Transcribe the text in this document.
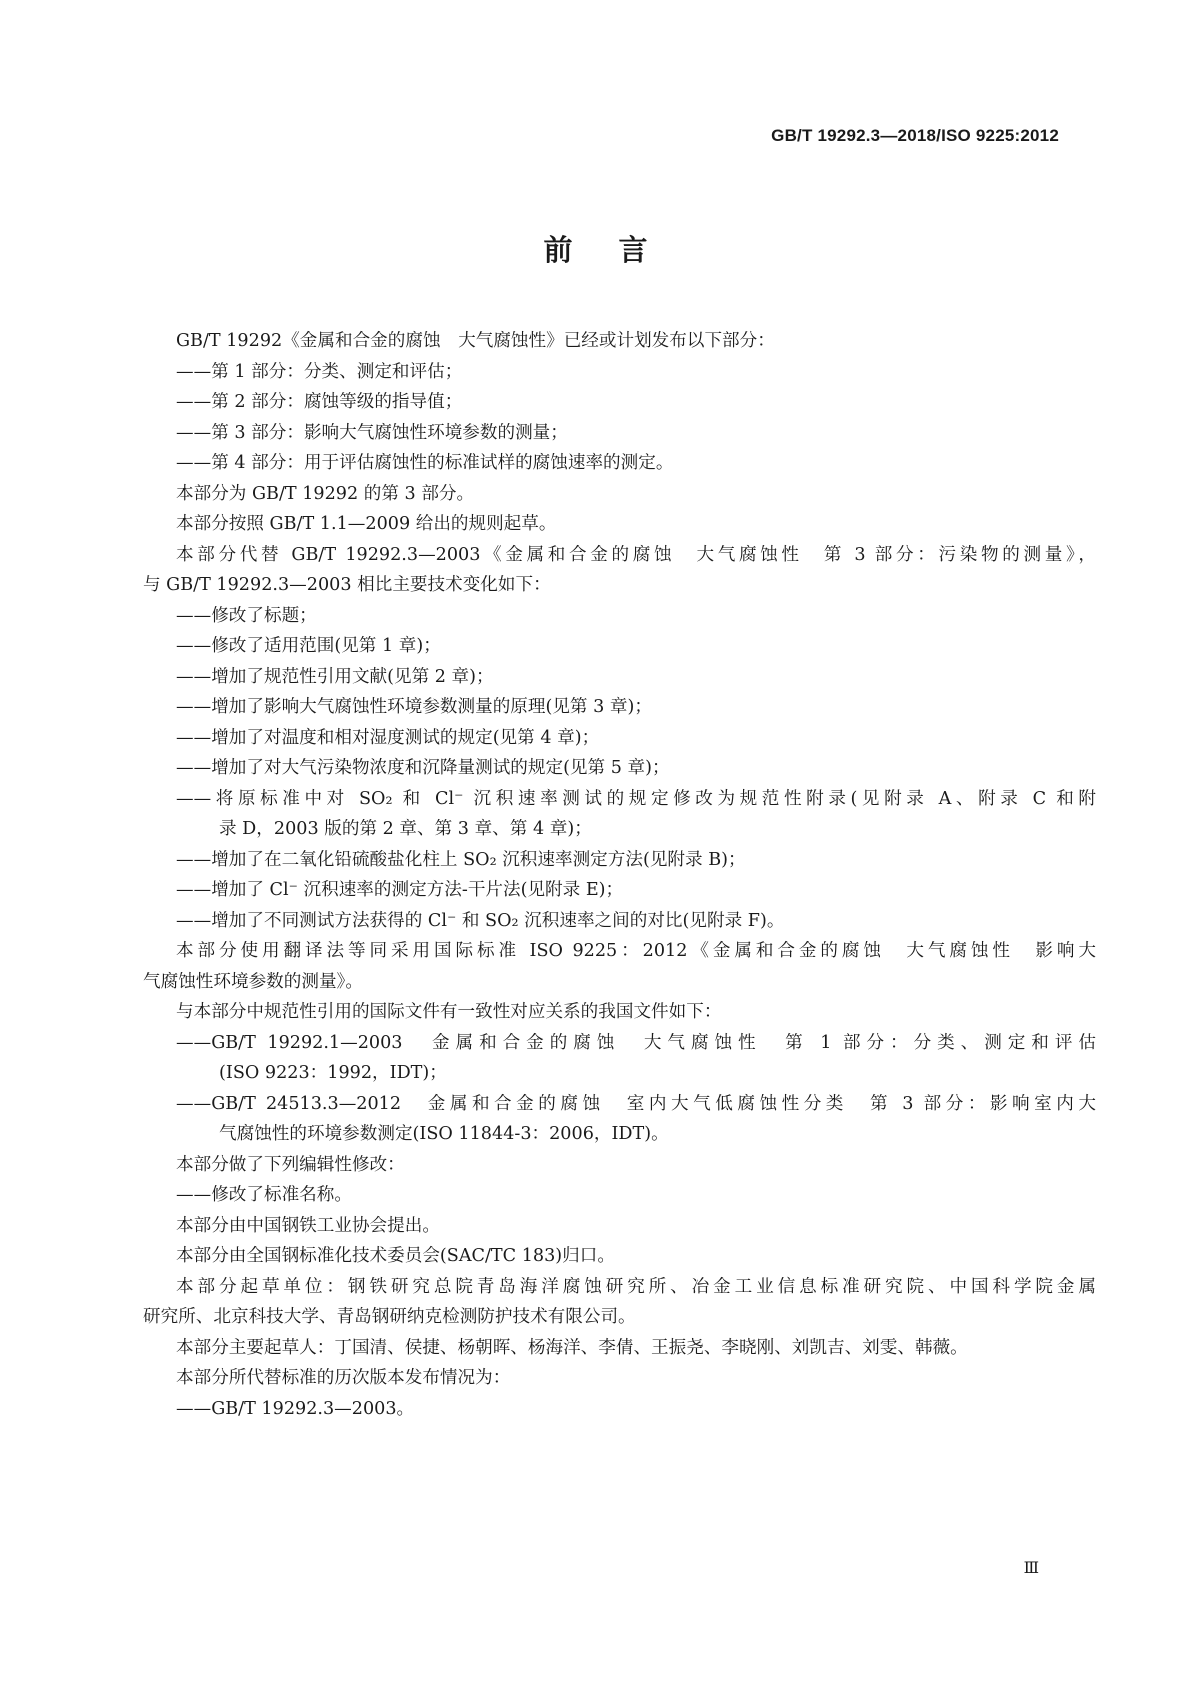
GB/T 19292.3—2018/ISO 9225:2012
前言
GB/T 19292《金属和合金的腐蚀　大气腐蚀性》已经或计划发布以下部分：
——第 1 部分：分类、测定和评估；
——第 2 部分：腐蚀等级的指导值；
——第 3 部分：影响大气腐蚀性环境参数的测量；
——第 4 部分：用于评估腐蚀性的标准试样的腐蚀速率的测定。
本部分为 GB/T 19292 的第 3 部分。
本部分按照 GB/T 1.1—2009 给出的规则起草。
本部分代替 GB/T 19292.3—2003《金属和合金的腐蚀　大气腐蚀性　第 3 部分：污染物的测量》，
与 GB/T 19292.3—2003 相比主要技术变化如下：
——修改了标题；
——修改了适用范围(见第 1 章)；
——增加了规范性引用文献(见第 2 章)；
——增加了影响大气腐蚀性环境参数测量的原理(见第 3 章)；
——增加了对温度和相对湿度测试的规定(见第 4 章)；
——增加了对大气污染物浓度和沉降量测试的规定(见第 5 章)；
——将原标准中对 SO₂ 和 Cl⁻ 沉积速率测试的规定修改为规范性附录(见附录 A、附录 C 和附
录 D，2003 版的第 2 章、第 3 章、第 4 章)；
——增加了在二氧化铅硫酸盐化柱上 SO₂ 沉积速率测定方法(见附录 B)；
——增加了 Cl⁻ 沉积速率的测定方法-干片法(见附录 E)；
——增加了不同测试方法获得的 Cl⁻ 和 SO₂ 沉积速率之间的对比(见附录 F)。
本部分使用翻译法等同采用国际标准 ISO 9225：2012《金属和合金的腐蚀　大气腐蚀性　影响大
气腐蚀性环境参数的测量》。
与本部分中规范性引用的国际文件有一致性对应关系的我国文件如下：
——GB/T 19292.1—2003　金属和合金的腐蚀　大气腐蚀性　第 1 部分：分类、测定和评估
(ISO 9223：1992，IDT)；
——GB/T 24513.3—2012　金属和合金的腐蚀　室内大气低腐蚀性分类　第 3 部分：影响室内大
气腐蚀性的环境参数测定(ISO 11844-3：2006，IDT)。
本部分做了下列编辑性修改：
——修改了标准名称。
本部分由中国钢铁工业协会提出。
本部分由全国钢标准化技术委员会(SAC/TC 183)归口。
本部分起草单位：钢铁研究总院青岛海洋腐蚀研究所、冶金工业信息标准研究院、中国科学院金属
研究所、北京科技大学、青岛钢研纳克检测防护技术有限公司。
本部分主要起草人：丁国清、侯捷、杨朝晖、杨海洋、李倩、王振尧、李晓刚、刘凯吉、刘雯、韩薇。
本部分所代替标准的历次版本发布情况为：
——GB/T 19292.3—2003。
Ⅲ
